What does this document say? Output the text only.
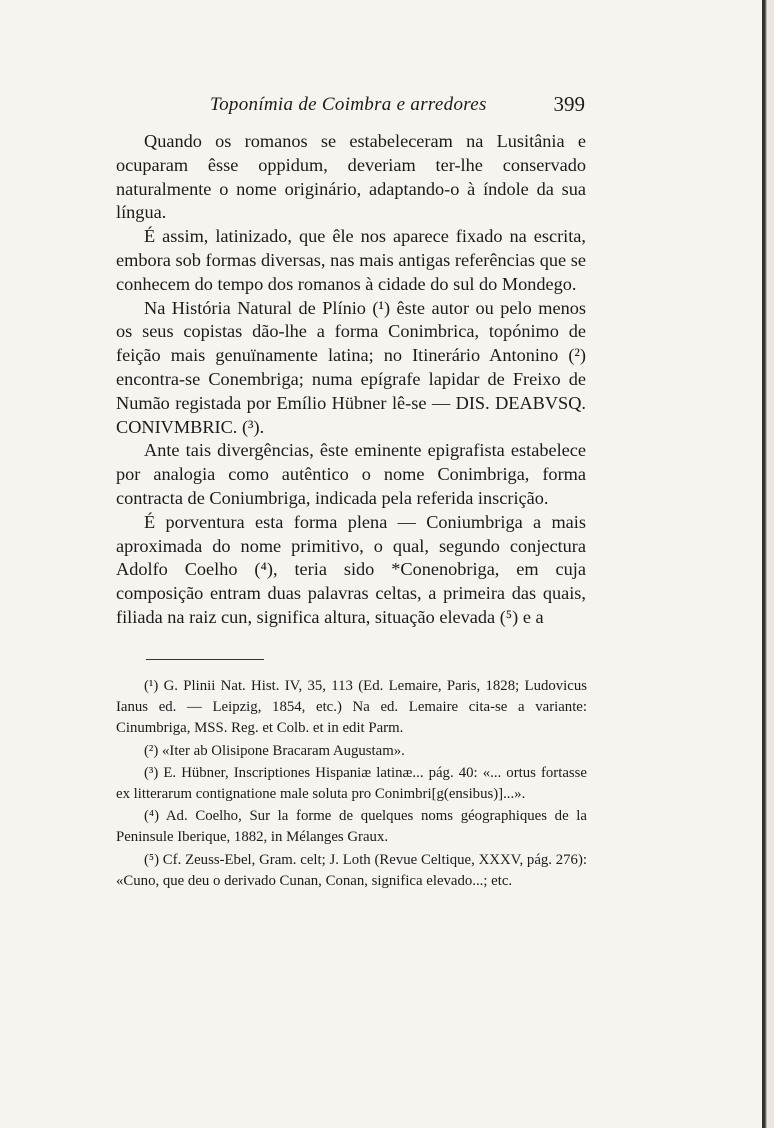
Toponímia de Coimbra e arredores	399

Quando os romanos se estabeleceram na Lusitânia e ocuparam êsse oppidum, deveriam ter-lhe conservado naturalmente o nome originário, adaptando-o à índole da sua língua.

É assim, latinizado, que êle nos aparece fixado na escrita, embora sob formas diversas, nas mais antigas referências que se conhecem do tempo dos romanos à cidade do sul do Mondego.

Na História Natural de Plínio (¹) êste autor ou pelo menos os seus copistas dão-lhe a forma Conimbrica, topónimo de feição mais genuïnamente latina; no Itinerário Antonino (²) encontra-se Conembriga; numa epígrafe lapidar de Freixo de Numão registada por Emílio Hübner lê-se — DIS. DEABVSQ. CONIVMBRIC. (³).

Ante tais divergências, êste eminente epigrafista estabelece por analogia como autêntico o nome Conimbriga, forma contracta de Coniumbriga, indicada pela referida inscrição.

É porventura esta forma plena — Coniumbriga a mais aproximada do nome primitivo, o qual, segundo conjectura Adolfo Coelho (⁴), teria sido *Conenobriga, em cuja composição entram duas palavras celtas, a primeira das quais, filiada na raiz cun, significa altura, situação elevada (⁵) e a

(¹) G. Plinii Nat. Hist. IV, 35, 113 (Ed. Lemaire, Paris, 1828; Ludovicus Ianus ed. — Leipzig, 1854, etc.) Na ed. Lemaire cita-se a variante: Cinumbriga, MSS. Reg. et Colb. et in edit Parm.

(²) «Iter ab Olisipone Bracaram Augustam».

(³) E. Hübner, Inscriptiones Hispaniæ latinæ... pág. 40: «... ortus fortasse ex litterarum contignatione male soluta pro Conimbri[g(ensibus)]...».

(⁴) Ad. Coelho, Sur la forme de quelques noms géographiques de la Peninsule Iberique, 1882, in Mélanges Graux.

(⁵) Cf. Zeuss-Ebel, Gram. celt; J. Loth (Revue Celtique, XXXV, pág. 276): «Cuno, que deu o derivado Cunan, Conan, significa elevado...; etc.
